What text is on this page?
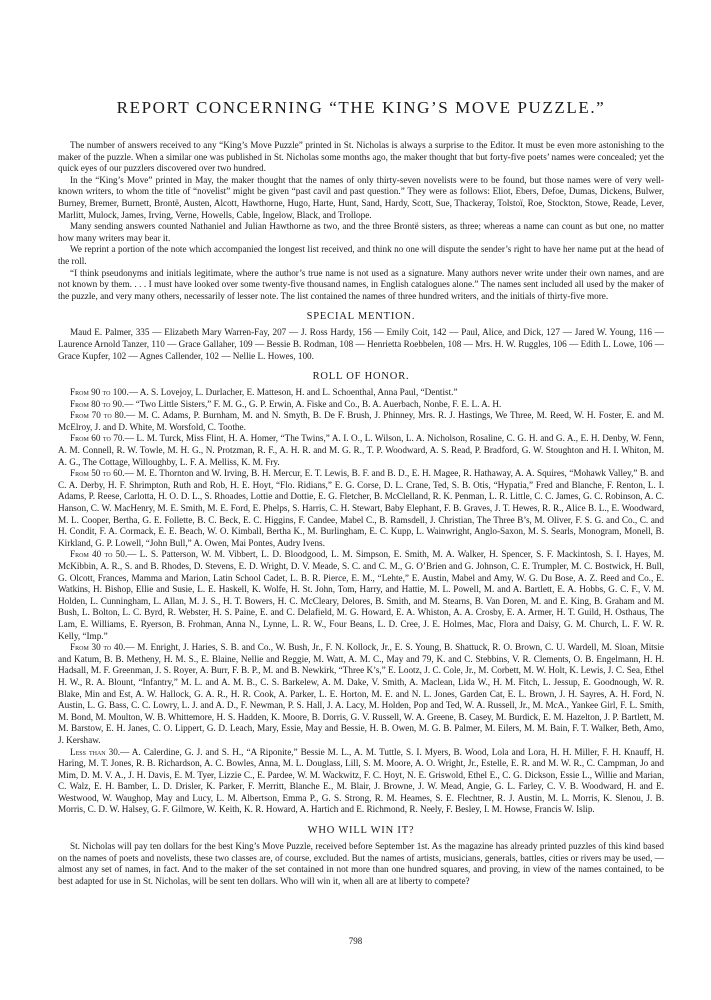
REPORT CONCERNING “THE KING’S MOVE PUZZLE.”

The number of answers received to any “King’s Move Puzzle” printed in St. Nicholas is always a surprise to the Editor. It must be even more astonishing to the maker of the puzzle. When a similar one was published in St. Nicholas some months ago, the maker thought that but forty-five poets’ names were concealed; yet the quick eyes of our puzzlers discovered over two hundred.

In the “King’s Move” printed in May, the maker thought that the names of only thirty-seven novelists were to be found, but those names were of very well-known writers, to whom the title of “novelist” might be given “past cavil and past question.” They were as follows: Eliot, Ebers, Defoe, Dumas, Dickens, Bulwer, Burney, Bremer, Burnett, Brontë, Austen, Alcott, Hawthorne, Hugo, Harte, Hunt, Sand, Hardy, Scott, Sue, Thackeray, Tolstoï, Roe, Stockton, Stowe, Reade, Lever, Marlitt, Mulock, James, Irving, Verne, Howells, Cable, Ingelow, Black, and Trollope.

Many sending answers counted Nathaniel and Julian Hawthorne as two, and the three Brontë sisters, as three; whereas a name can count as but one, no matter how many writers may bear it.

We reprint a portion of the note which accompanied the longest list received, and think no one will dispute the sender’s right to have her name put at the head of the roll.

“I think pseudonyms and initials legitimate, where the author’s true name is not used as a signature. Many authors never write under their own names, and are not known by them. . . . I must have looked over some twenty-five thousand names, in English catalogues alone.” The names sent included all used by the maker of the puzzle, and very many others, necessarily of lesser note. The list contained the names of three hundred writers, and the initials of thirty-five more.

SPECIAL MENTION.

Maud E. Palmer, 335 — Elizabeth Mary Warren-Fay, 207 — J. Ross Hardy, 156 — Emily Coit, 142 — Paul, Alice, and Dick, 127 — Jared W. Young, 116 — Laurence Arnold Tanzer, 110 — Grace Gallaher, 109 — Bessie B. Rodman, 108 — Henrietta Roebbelen, 108 — Mrs. H. W. Ruggles, 106 — Edith L. Lowe, 106 — Grace Kupfer, 102 — Agnes Callender, 102 — Nellie L. Howes, 100.

ROLL OF HONOR.

From 90 to 100.— A. S. Lovejoy, L. Durlacher, E. Matteson, H. and L. Schoenthal, Anna Paul, “Dentist.”

From 80 to 90.— “Two Little Sisters,” F. M. G., G. P. Erwin, A. Fiske and Co., B. A. Auerbach, Nonbe, F. E. L. A. H.

From 70 to 80.— M. C. Adams, P. Burnham, M. and N. Smyth, B. De F. Brush, J. Phinney, Mrs. R. J. Hastings, We Three, M. Reed, W. H. Foster, E. and M. McElroy, J. and D. White, M. Worsfold, C. Toothe.

From 60 to 70.— L. M. Turck, Miss Flint, H. A. Homer, “The Twins,” A. I. O., L. Wilson, L. A. Nicholson, Rosaline, C. G. H. and G. A., E. H. Denby, W. Fenn, A. M. Connell, R. W. Towle, M. H. G., N. Protzman, R. F., A. H. R. and M. G. R., T. P. Woodward, A. S. Read, P. Bradford, G. W. Stoughton and H. I. Whiton, M. A. G., The Cottage, Willoughby, L. F. A. Melliss, K. M. Fry.

From 50 to 60.— M. E. Thornton and W. Irving, B. H. Mercur, E. T. Lewis, B. F. and B. D., E. H. Magee, R. Hathaway, A. A. Squires, “Mohawk Valley,” B. and C. A. Derby, H. F. Shrimpton, Ruth and Rob, H. E. Hoyt, “Flo. Ridians,” E. G. Corse, D. L. Crane, Ted, S. B. Otis, “Hypatia,” Fred and Blanche, F. Renton, L. I. Adams, P. Reese, Carlotta, H. O. D. L., S. Rhoades, Lottie and Dottie, E. G. Fletcher, B. McClelland, R. K. Penman, L. R. Little, C. C. James, G. C. Robinson, A. C. Hanson, C. W. MacHenry, M. E. Smith, M. E. Ford, E. Phelps, S. Harris, C. H. Stewart, Baby Elephant, F. B. Graves, J. T. Hewes, R. R., Alice B. L., E. Woodward, M. L. Cooper, Bertha, G. E. Follette, B. C. Beck, E. C. Higgins, F. Candee, Mabel C., B. Ramsdell, J. Christian, The Three B’s, M. Oliver, F. S. G. and Co., C. and H. Condit, F. A. Cormack, E. E. Beach, W. O. Kimball, Bertha K., M. Burlingham, E. C. Kupp, L. Wainwright, Anglo-Saxon, M. S. Searls, Monogram, Monell, B. Kirkland, G. P. Lowell, “John Bull,” A. Owen, Mai Pontes, Audry Ivens.

From 40 to 50.— L. S. Patterson, W. M. Vibbert, L. D. Bloodgood, L. M. Simpson, E. Smith, M. A. Walker, H. Spencer, S. F. Mackintosh, S. I. Hayes, M. McKibbin, A. R., S. and B. Rhodes, D. Stevens, E. D. Wright, D. V. Meade, S. C. and C. M., G. O’Brien and G. Johnson, C. E. Trumpler, M. C. Bostwick, H. Bull, G. Olcott, Frances, Mamma and Marion, Latin School Cadet, L. B. R. Pierce, E. M., “Lehte,” E. Austin, Mabel and Amy, W. G. Du Bose, A. Z. Reed and Co., E. Watkins, H. Bishop, Ellie and Susie, L. E. Haskell, K. Wolfe, H. St. John, Tom, Harry, and Hattie, M. L. Powell, M. and A. Bartlett, E. A. Hobbs, G. C. F., V. M. Holden, L. Cunningham, L. Allan, M. J. S., H. T. Bowers, H. C. McCleary, Delores, B. Smith, and M. Stearns, B. Van Doren, M. and E. King, B. Graham and M. Bush, L. Bolton, L. C. Byrd, R. Webster, H. S. Paine, E. and C. Delafield, M. G. Howard, E. A. Whiston, A. A. Crosby, E. A. Armer, H. T. Guild, H. Osthaus, The Lam, E. Williams, E. Ryerson, B. Frohman, Anna N., Lynne, L. R. W., Four Beans, L. D. Cree, J. E. Holmes, Mac, Flora and Daisy, G. M. Church, L. F. W. R. Kelly, “Imp.”

From 30 to 40.— M. Enright, J. Haries, S. B. and Co., W. Bush, Jr., F. N. Kollock, Jr., E. S. Young, B. Shattuck, R. O. Brown, C. U. Wardell, M. Sloan, Mitsie and Katum, B. B. Metheny, H. M. S., E. Blaine, Nellie and Reggie, M. Watt, A. M. C., May and 79, K. and C. Stebbins, V. R. Clements, O. B. Engelmann, H. H. Hadsall, M. F. Greenman, J. S. Royer, A. Burr, F. B. P., M. and B. Newkirk, “Three K’s,” E. Lootz, J. C. Cole, Jr., M. Corbett, M. W. Holt, K. Lewis, J. C. Sea, Ethel H. W., R. A. Blount, “Infantry,” M. L. and A. M. B., C. S. Barkelew, A. M. Dake, V. Smith, A. Maclean, Lida W., H. M. Fitch, L. Jessup, E. Goodnough, W. R. Blake, Min and Est, A. W. Hallock, G. A. R., H. R. Cook, A. Parker, L. E. Horton, M. E. and N. L. Jones, Garden Cat, E. L. Brown, J. H. Sayres, A. H. Ford, N. Austin, L. G. Bass, C. C. Lowry, L. J. and A. D., F. Newman, P. S. Hall, J. A. Lacy, M. Holden, Pop and Ted, W. A. Russell, Jr., M. McA., Yankee Girl, F. L. Smith, M. Bond, M. Moulton, W. B. Whittemore, H. S. Hadden, K. Moore, B. Dorris, G. V. Russell, W. A. Greene, B. Casey, M. Burdick, E. M. Hazelton, J. P. Bartlett, M. M. Barstow, E. H. Janes, C. O. Lippert, G. D. Leach, Mary, Essie, May and Bessie, H. B. Owen, M. G. B. Palmer, M. Eilers, M. M. Bain, F. T. Walker, Beth, Amo, J. Kershaw.

Less than 30.— A. Calerdine, G. J. and S. H., “A Riponite,” Bessie M. L., A. M. Tuttle, S. I. Myers, B. Wood, Lola and Lora, H. H. Miller, F. H. Knauff, H. Haring, M. T. Jones, R. B. Richardson, A. C. Bowles, Anna, M. L. Douglass, Lill, S. M. Moore, A. O. Wright, Jr., Estelle, E. R. and M. W. R., C. Campman, Jo and Mim, D. M. V. A., J. H. Davis, E. M. Tyer, Lizzie C., E. Pardee, W. M. Wackwitz, F. C. Hoyt, N. E. Griswold, Ethel E., C. G. Dickson, Essie L., Willie and Marian, C. Walz, E. H. Bamber, L. D. Drisler, K. Parker, F. Merritt, Blanche E., M. Blair, J. Browne, J. W. Mead, Angie, G. L. Farley, C. V. B. Woodward, H. and E. Westwood, W. Waughop, May and Lucy, L. M. Albertson, Emma P., G. S. Strong, R. M. Heames, S. E. Flechtner, R. J. Austin, M. L. Morris, K. Slenou, J. B. Morris, C. D. W. Halsey, G. F. Gilmore, W. Keith, K. R. Howard, A. Hartich and E. Richmond, R. Neely, F. Besley, I. M. Howse, Francis W. Islip.

WHO WILL WIN IT?

St. Nicholas will pay ten dollars for the best King’s Move Puzzle, received before September 1st. As the magazine has already printed puzzles of this kind based on the names of poets and novelists, these two classes are, of course, excluded. But the names of artists, musicians, generals, battles, cities or rivers may be used, — almost any set of names, in fact. And to the maker of the set contained in not more than one hundred squares, and proving, in view of the names contained, to be best adapted for use in St. Nicholas, will be sent ten dollars. Who will win it, when all are at liberty to compete?

798
